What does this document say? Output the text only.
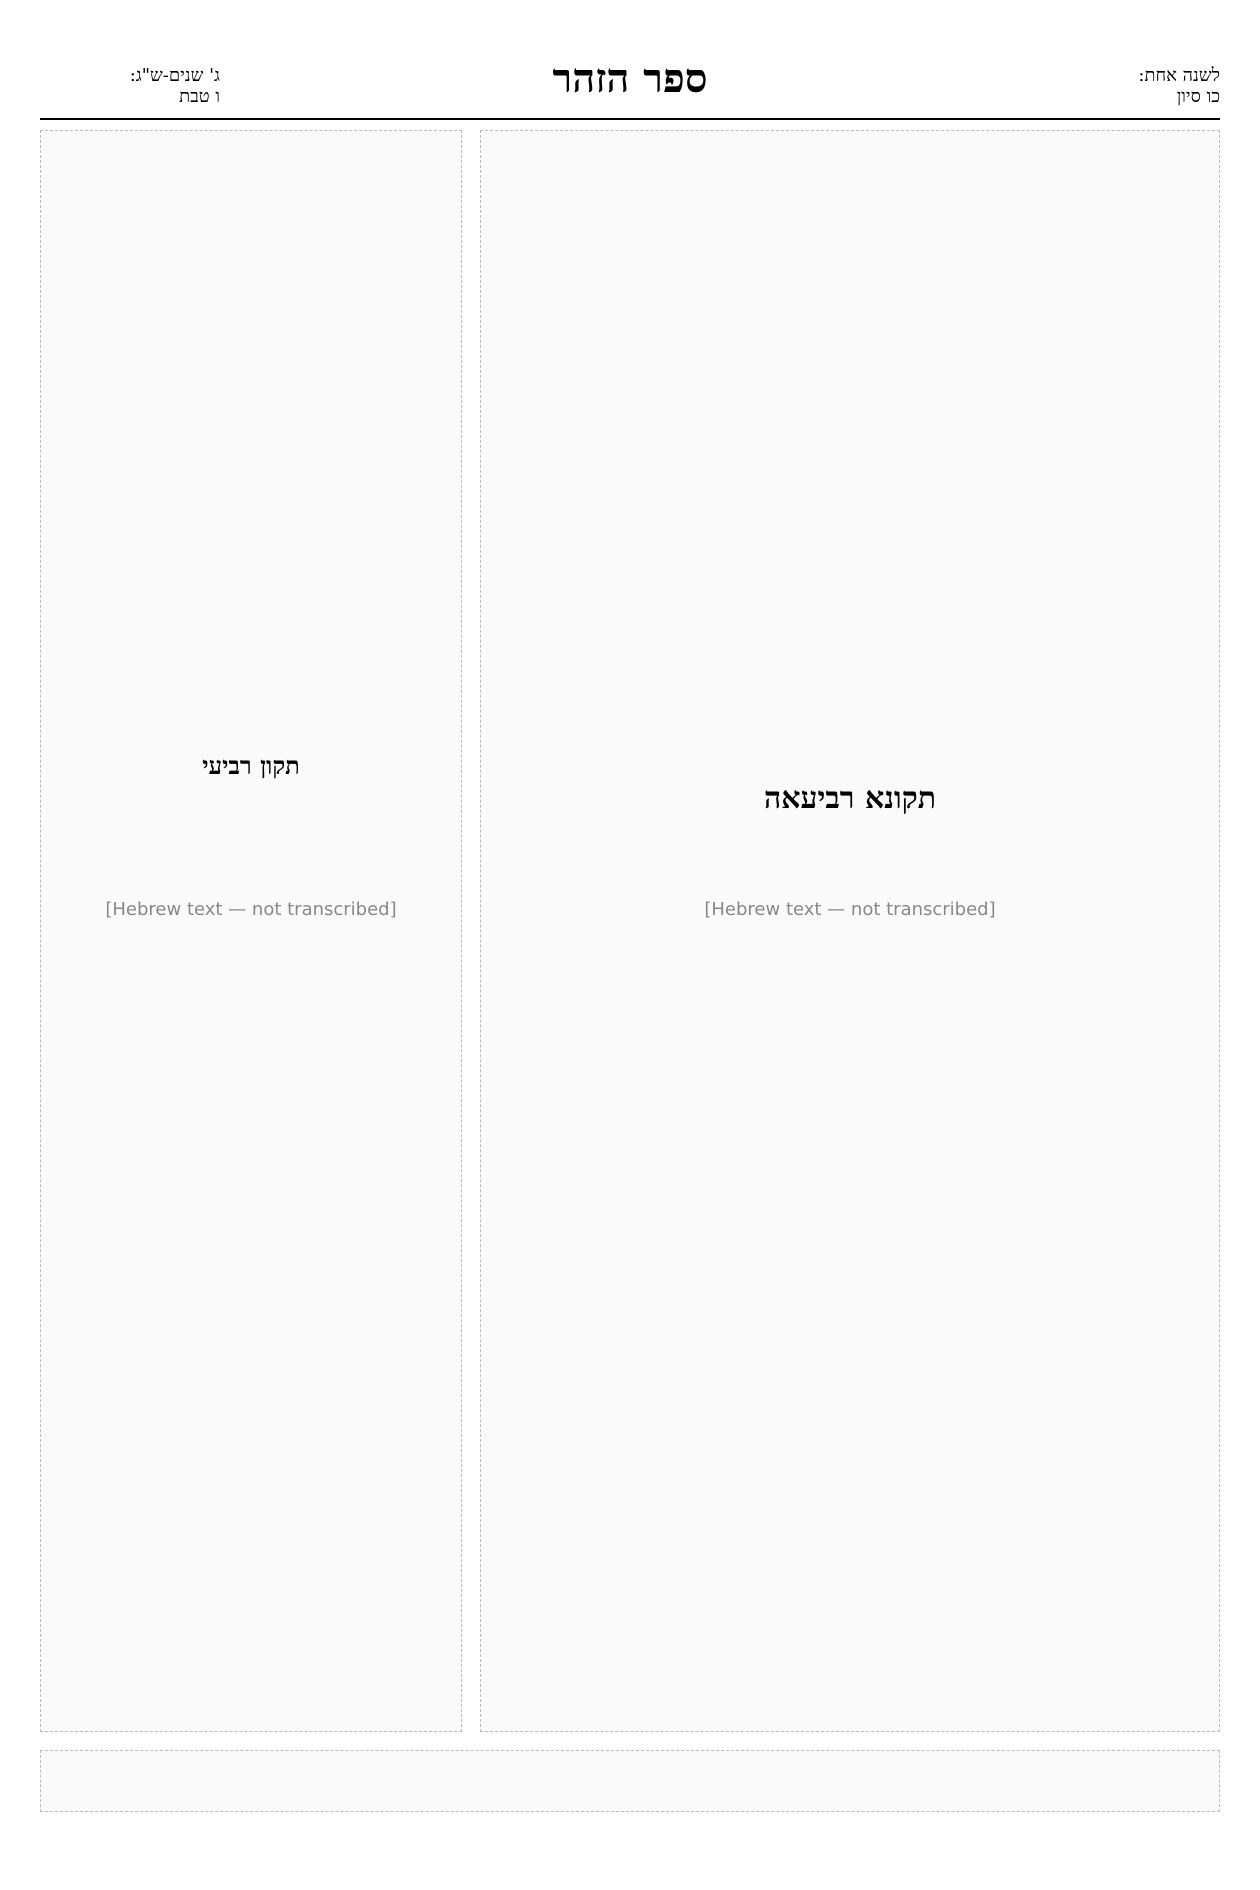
ספר הזהר
ג' שנים-ש"ג:
ו טבת
לשנה אחת:
כו סיון
תקונא רביעאה
[Hebrew text — not transcribed]
תקון רביעי
[Hebrew text — not transcribed]
